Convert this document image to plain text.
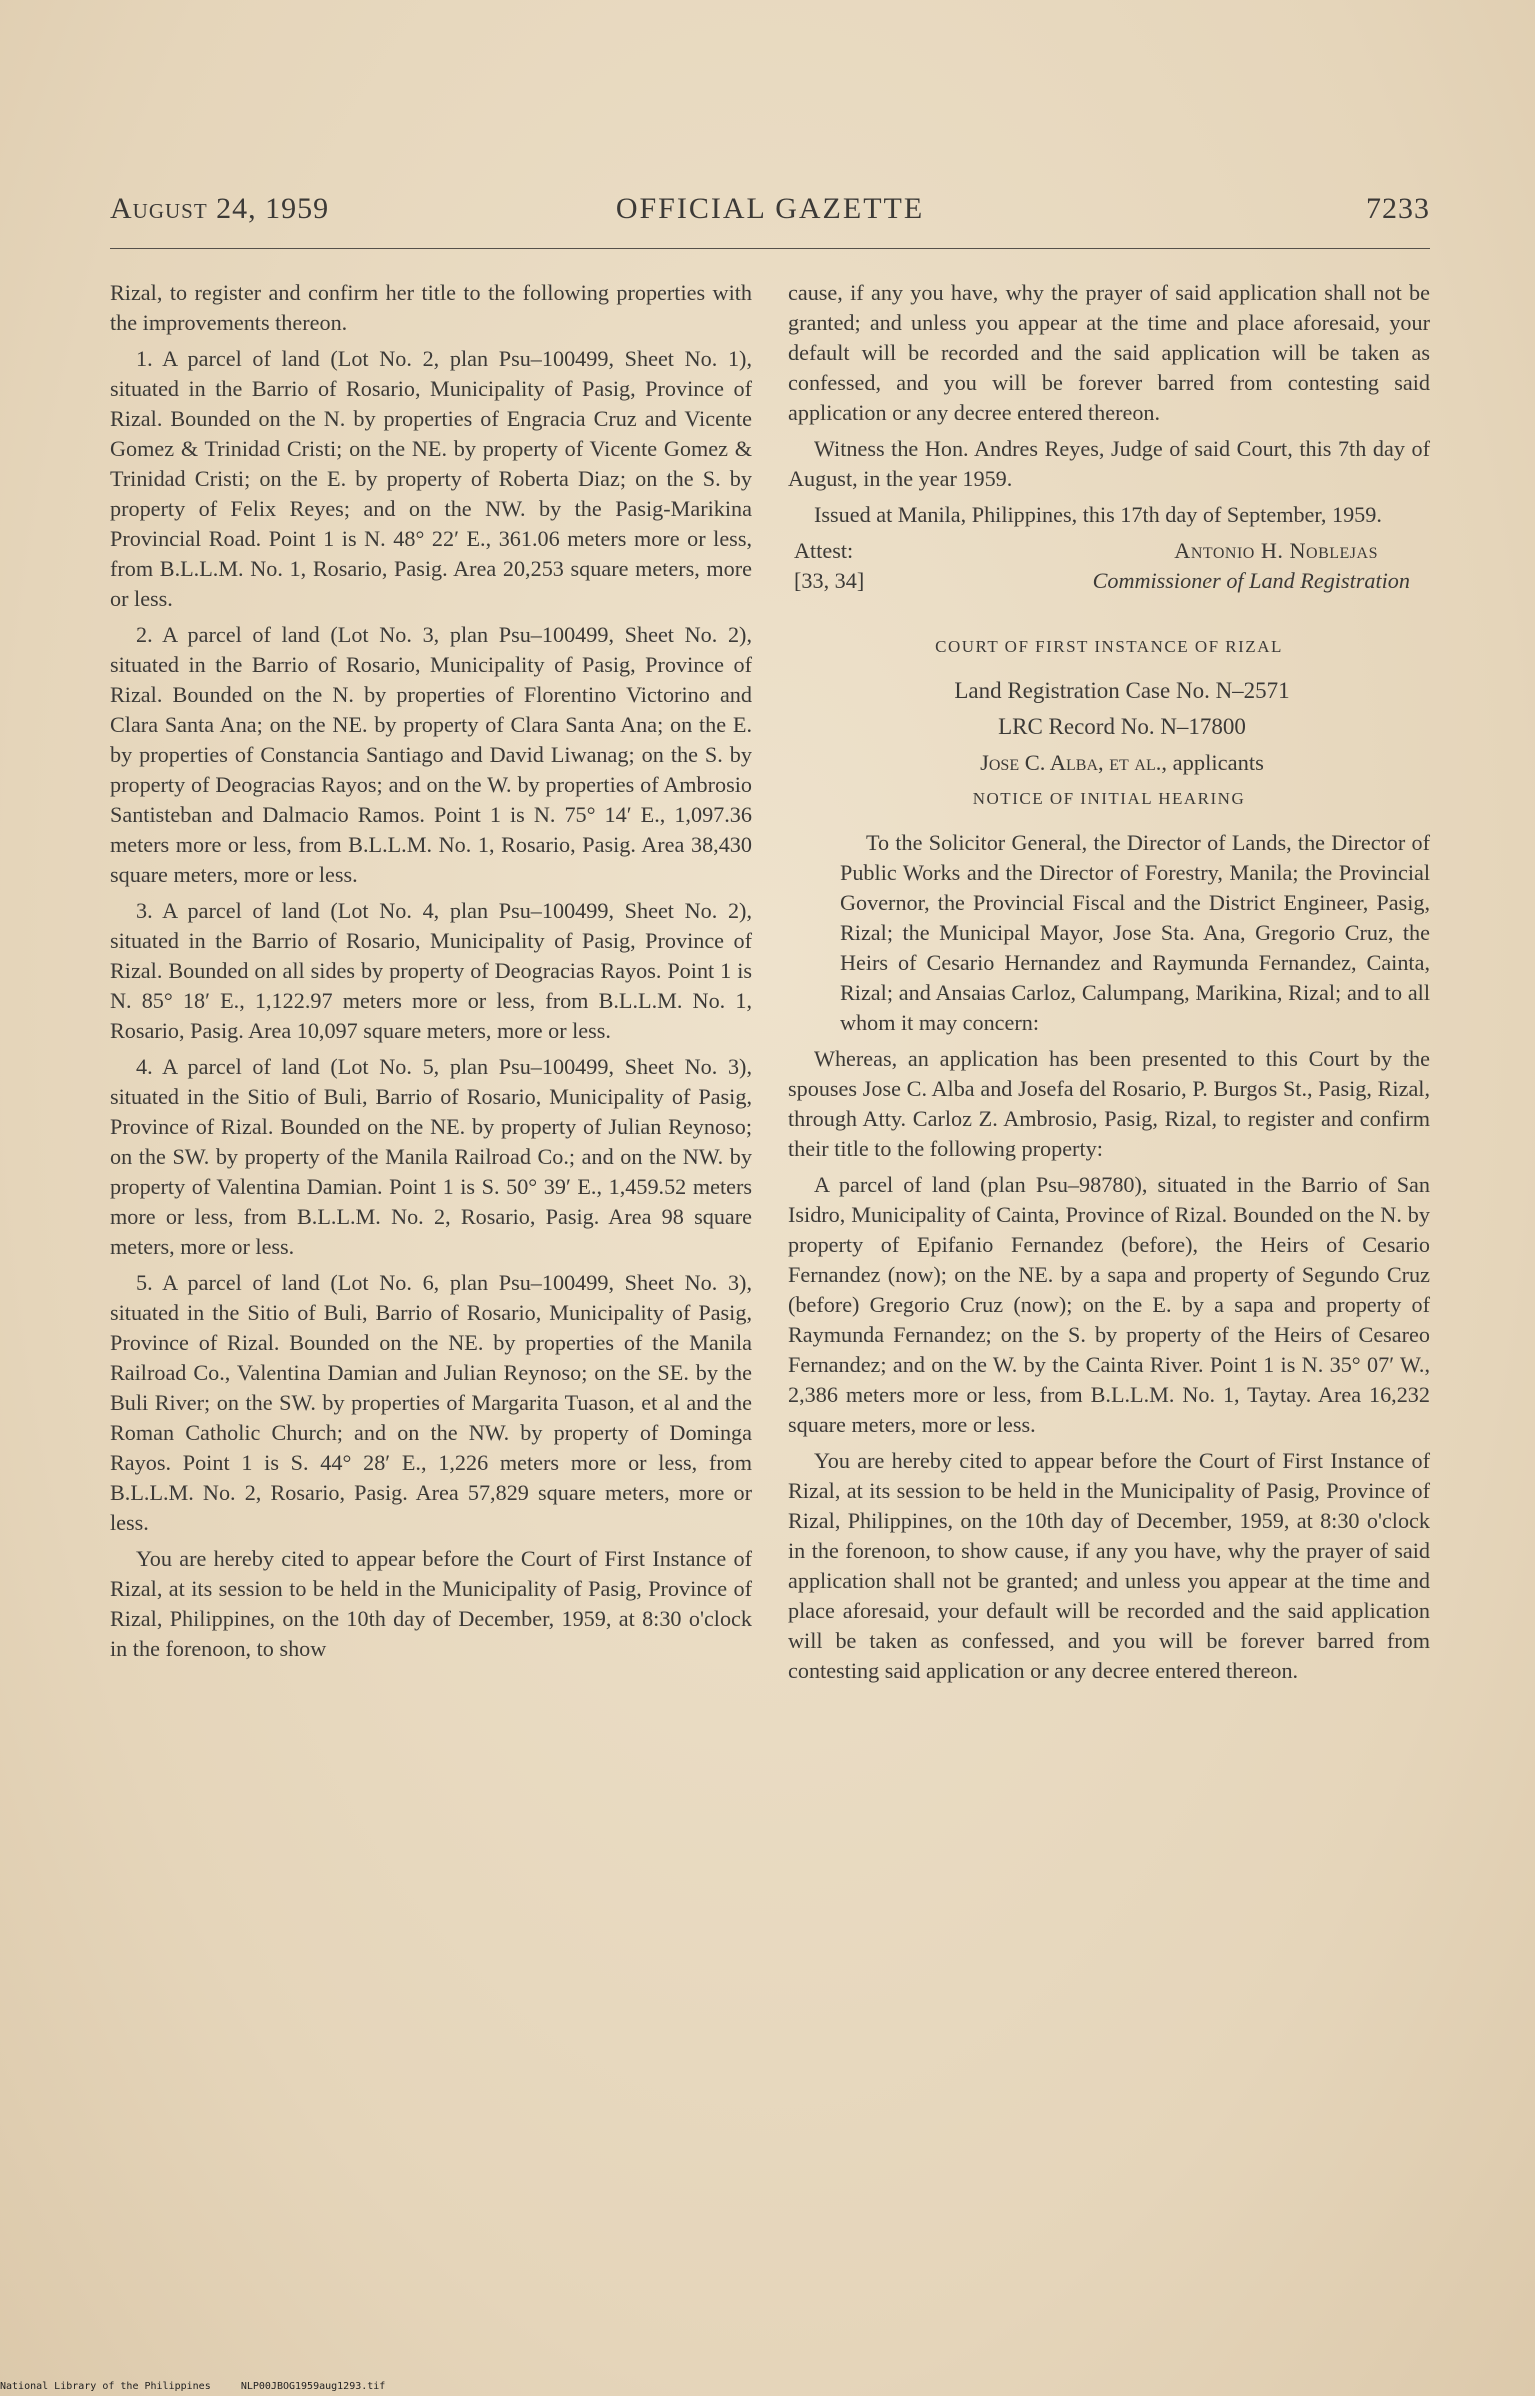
August 24, 1959	OFFICIAL GAZETTE	7233

Rizal, to register and confirm her title to the following properties with the improvements thereon.

1. A parcel of land (Lot No. 2, plan Psu–100499, Sheet No. 1), situated in the Barrio of Rosario, Municipality of Pasig, Province of Rizal. Bounded on the N. by properties of Engracia Cruz and Vicente Gomez & Trinidad Cristi; on the NE. by property of Vicente Gomez & Trinidad Cristi; on the E. by property of Roberta Diaz; on the S. by property of Felix Reyes; and on the NW. by the Pasig-Marikina Provincial Road. Point 1 is N. 48° 22′ E., 361.06 meters more or less, from B.L.L.M. No. 1, Rosario, Pasig. Area 20,253 square meters, more or less.

2. A parcel of land (Lot No. 3, plan Psu–100499, Sheet No. 2), situated in the Barrio of Rosario, Municipality of Pasig, Province of Rizal. Bounded on the N. by properties of Florentino Victorino and Clara Santa Ana; on the NE. by property of Clara Santa Ana; on the E. by properties of Constancia Santiago and David Liwanag; on the S. by property of Deogracias Rayos; and on the W. by properties of Ambrosio Santisteban and Dalmacio Ramos. Point 1 is N. 75° 14′ E., 1,097.36 meters more or less, from B.L.L.M. No. 1, Rosario, Pasig. Area 38,430 square meters, more or less.

3. A parcel of land (Lot No. 4, plan Psu–100499, Sheet No. 2), situated in the Barrio of Rosario, Municipality of Pasig, Province of Rizal. Bounded on all sides by property of Deogracias Rayos. Point 1 is N. 85° 18′ E., 1,122.97 meters more or less, from B.L.L.M. No. 1, Rosario, Pasig. Area 10,097 square meters, more or less.

4. A parcel of land (Lot No. 5, plan Psu–100499, Sheet No. 3), situated in the Sitio of Buli, Barrio of Rosario, Municipality of Pasig, Province of Rizal. Bounded on the NE. by property of Julian Reynoso; on the SW. by property of the Manila Railroad Co.; and on the NW. by property of Valentina Damian. Point 1 is S. 50° 39′ E., 1,459.52 meters more or less, from B.L.L.M. No. 2, Rosario, Pasig. Area 98 square meters, more or less.

5. A parcel of land (Lot No. 6, plan Psu–100499, Sheet No. 3), situated in the Sitio of Buli, Barrio of Rosario, Municipality of Pasig, Province of Rizal. Bounded on the NE. by properties of the Manila Railroad Co., Valentina Damian and Julian Reynoso; on the SE. by the Buli River; on the SW. by properties of Margarita Tuason, et al and the Roman Catholic Church; and on the NW. by property of Dominga Rayos. Point 1 is S. 44° 28′ E., 1,226 meters more or less, from B.L.L.M. No. 2, Rosario, Pasig. Area 57,829 square meters, more or less.

You are hereby cited to appear before the Court of First Instance of Rizal, at its session to be held in the Municipality of Pasig, Province of Rizal, Philippines, on the 10th day of December, 1959, at 8:30 o'clock in the forenoon, to show

cause, if any you have, why the prayer of said application shall not be granted; and unless you appear at the time and place aforesaid, your default will be recorded and the said application will be taken as confessed, and you will be forever barred from contesting said application or any decree entered thereon.

Witness the Hon. Andres Reyes, Judge of said Court, this 7th day of August, in the year 1959.

Issued at Manila, Philippines, this 17th day of September, 1959.

Attest:	Antonio H. Noblejas
[33, 34]	Commissioner of Land Registration
COURT OF FIRST INSTANCE OF RIZAL

Land Registration Case No. N–2571

LRC Record No. N–17800

Jose C. Alba, et al., applicants

NOTICE OF INITIAL HEARING

To the Solicitor General, the Director of Lands, the Director of Public Works and the Director of Forestry, Manila; the Provincial Governor, the Provincial Fiscal and the District Engineer, Pasig, Rizal; the Municipal Mayor, Jose Sta. Ana, Gregorio Cruz, the Heirs of Cesario Hernandez and Raymunda Fernandez, Cainta, Rizal; and Ansaias Carloz, Calumpang, Marikina, Rizal; and to all whom it may concern:

Whereas, an application has been presented to this Court by the spouses Jose C. Alba and Josefa del Rosario, P. Burgos St., Pasig, Rizal, through Atty. Carloz Z. Ambrosio, Pasig, Rizal, to register and confirm their title to the following property:

A parcel of land (plan Psu–98780), situated in the Barrio of San Isidro, Municipality of Cainta, Province of Rizal. Bounded on the N. by property of Epifanio Fernandez (before), the Heirs of Cesario Fernandez (now); on the NE. by a sapa and property of Segundo Cruz (before) Gregorio Cruz (now); on the E. by a sapa and property of Raymunda Fernandez; on the S. by property of the Heirs of Cesareo Fernandez; and on the W. by the Cainta River. Point 1 is N. 35° 07′ W., 2,386 meters more or less, from B.L.L.M. No. 1, Taytay. Area 16,232 square meters, more or less.

You are hereby cited to appear before the Court of First Instance of Rizal, at its session to be held in the Municipality of Pasig, Province of Rizal, Philippines, on the 10th day of December, 1959, at 8:30 o'clock in the forenoon, to show cause, if any you have, why the prayer of said application shall not be granted; and unless you appear at the time and place aforesaid, your default will be recorded and the said application will be taken as confessed, and you will be forever barred from contesting said application or any decree entered thereon.

National Library of the Philippines     NLP00JBOG1959aug1293.tif
